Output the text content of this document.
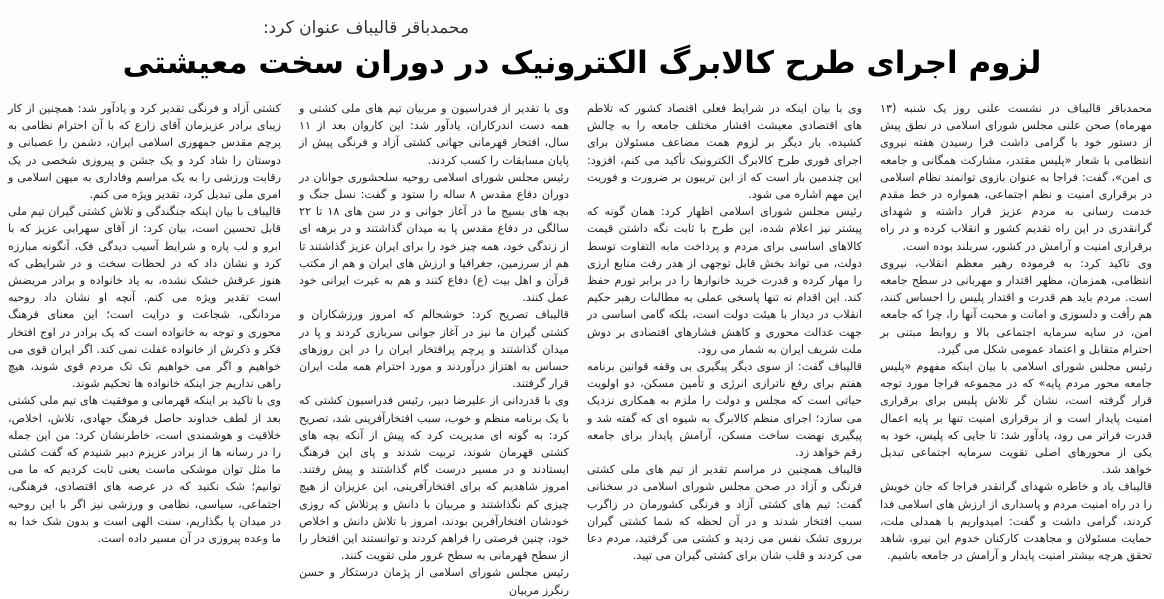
محمدباقر قالیباف عنوان کرد:
لزوم اجرای طرح کالابرگ الکترونیک در دوران سخت معیشتی

محمدباقر قالیباف در نشست علنی روز یک شنبه (۱۳ مهرماه) صحن علنی مجلس شورای اسلامی در نطق پیش از دستور خود با گرامی داشت فرا رسیدن هفته نیروی انتظامی با شعار «پلیس مقتدر، مشارکت همگانی و جامعه ی امن»، گفت: فراجا به عنوان بازوی توانمند نظام اسلامی در برقراری امنیت و نظم اجتماعی، همواره در خط مقدم خدمت رسانی به مردم عزیز قرار داشته و شهدای گرانقدری در این راه تقدیم کشور و انقلاب کرده و در راه برقراری امنیت و آرامش در کشور، سربلند بوده است.

وی تاکید کرد: به فرموده رهبر معظم انقلاب، نیروی انتظامی، همزمان، مظهر اقتدار و مهربانی در سطح جامعه است. مردم باید هم قدرت و اقتدار پلیس را احساس کنند، هم رأفت و دلسوزی و امانت و محبت آنها را، چرا که جامعه امن، در سایه سرمایه اجتماعی بالا و روابط مبتنی بر احترام متقابل و اعتماد عمومی شکل می گیرد.

رئیس مجلس شورای اسلامی با بیان اینکه مفهوم «پلیس جامعه محور مردم پایه» که در مجموعه فراجا مورد توجه قرار گرفته است، نشان گر تلاش پلیس برای برقراری امنیت پایدار است و از برقراری امنیت تنها بر پایه اعمال قدرت فراتر می رود، یادآور شد: تا جایی که پلیس، خود به یکی از محورهای اصلی تقویت سرمایه اجتماعی تبدیل خواهد شد.

قالیباف یاد و خاطره شهدای گرانقدر فراجا که جان خویش را در راه امنیت مردم و پاسداری از ارزش های اسلامی فدا کردند، گرامی داشت و گفت: امیدواریم با همدلی ملت، حمایت مسئولان و مجاهدت کارکنان خدوم این نیرو، شاهد تحقق هرچه بیشتر امنیت پایدار و آرامش در جامعه باشیم.

وی با بیان اینکه در شرایط فعلی اقتصاد کشور که تلاطم های اقتصادی معیشت اقشار مختلف جامعه را به چالش کشیده، بار دیگر بر لزوم همت مضاعف مسئولان برای اجرای فوری طرح کالابرگ الکترونیک تأکید می کنم، افزود: این چندمین بار است که از این تریبون بر ضرورت و فوریت این مهم اشاره می شود.

رئیس مجلس شورای اسلامی اظهار کرد: همان گونه که پیشتر نیز اعلام شده، این طرح با ثابت نگه داشتن قیمت کالاهای اساسی برای مردم و پرداخت مابه التفاوت توسط دولت، می تواند بخش قابل توجهی از هدر رفت منابع ارزی را مهار کرده و قدرت خرید خانوارها را در برابر تورم حفظ کند. این اقدام نه تنها پاسخی عملی به مطالبات رهبر حکیم انقلاب در دیدار با هیئت دولت است، بلکه گامی اساسی در جهت عدالت محوری و کاهش فشارهای اقتصادی بر دوش ملت شریف ایران به شمار می رود.

قالیباف گفت: از سوی دیگر پیگیری بی وقفه قوانین برنامه هفتم برای رفع ناترازی انرژی و تأمین مسکن، دو اولویت حیاتی است که مجلس و دولت را ملزم به همکاری نزدیک می سازد؛ اجرای منظم کالابرگ به شیوه ای که گفته شد و پیگیری نهضت ساخت مسکن، آرامش پایدار برای جامعه رقم خواهد زد.

قالیباف همچنین در مراسم تقدیر از تیم های ملی کشتی فرنگی و آزاد در صحن مجلس شورای اسلامی در سخنانی گفت: تیم های کشتی آزاد و فرنگی کشورمان در زاگرب سبب افتخار شدند و در آن لحظه که شما کشتی گیران برروی تشک نفس می زدید و کشتی می گرفتید، مردم دعا می کردند و قلب شان برای کشتی گیران می تپید.

وی با تقدیر از فدراسیون و مربیان تیم های ملی کشتی و همه دست اندرکاران، یادآور شد: این کاروان بعد از ۱۱ سال، افتخار قهرمانی جهانی کشتی آزاد و فرنگی پیش از پایان مسابقات را کسب کردند.

رئیس مجلس شورای اسلامی روحیه سلحشوری جوانان در دوران دفاع مقدس ۸ ساله را ستود و گفت: نسل جنگ و بچه های بسیج ما در آغاز جوانی و در سن های ۱۸ تا ۲۲ سالگی در دفاع مقدس پا به میدان گذاشتند و در برهه ای از زندگی خود، همه چیز خود را برای ایران عزیز گذاشتند تا هم از سرزمین، جغرافیا و ارزش های ایران و هم از مکتب قرآن و اهل بیت (ع) دفاع کنند و هم به غیرت ایرانی خود عمل کنند.

قالیباف تصریح کرد: خوشحالم که امروز ورزشکاران و کشتی گیران ما نیز در آغاز جوانی سربازی کردند و پا در میدان گذاشتند و پرچم پرافتخار ایران را در این روزهای حساس به اهتزاز درآوردند و مورد احترام همه ملت ایران قرار گرفتند.

وی با قدردانی از علیرضا دبیر، رئیس فدراسیون کشتی که با یک برنامه منظم و خوب، سبب افتخارآفرینی شد، تصریح کرد: به گونه ای مدیریت کرد که پیش از آنکه بچه های کشتی قهرمان شوند، تربیت شدند و پای این فرهنگ ایستادند و در مسیر درست گام گذاشتند و پیش رفتند. امروز شاهدیم که برای افتخارآفرینی، این عزیزان از هیچ چیزی کم نگذاشتند و مربیان با دانش و پرتلاش که روزی خودشان افتخارآفرین بودند، امروز با تلاش دانش و اخلاص خود، چنین فرصتی را فراهم کردند و توانستند این افتخار را از سطح قهرمانی به سطح غرور ملی تقویت کنند.

رئیس مجلس شورای اسلامی از پژمان درستکار و حسن رنگرز مربیان

کشتی آزاد و فرنگی تقدیر کرد و یادآور شد: همچنین از کار زیبای برادر عزیزمان آقای زارع که با آن احترام نظامی به پرچم مقدس جمهوری اسلامی ایران، دشمن را عصبانی و دوستان را شاد کرد و یک جشن و پیروزی شخصی در یک رقابت ورزشی را به یک مراسم وفاداری به میهن اسلامی و امری ملی تبدیل کرد، تقدیر ویژه می کنم.

قالیباف با بیان اینکه جنگندگی و تلاش کشتی گیران تیم ملی قابل تحسین است، بیان کرد: از آقای سهرابی عزیز که با ابرو و لب پاره و شرایط آسیب دیدگی فک، آنگونه مبارزه کرد و نشان داد که در لحظات سخت و در شرایطی که هنوز عرقش خشک نشده، به یاد خانواده و برادر مریضش است تقدیر ویژه می کنم. آنچه او نشان داد روحیه مردانگی، شجاعت و درایت است؛ این معنای فرهنگ محوری و توجه به خانواده است که یک برادر در اوج افتخار فکر و ذکرش از خانواده غفلت نمی کند. اگر ایران قوی می خواهیم و اگر می خواهیم تک تک مردم قوی شوند، هیچ راهی نداریم جز اینکه خانواده ها تحکیم شوند.

وی با تاکید بر اینکه قهرمانی و موفقیت های تیم ملی کشتی بعد از لطف خداوند حاصل فرهنگ جهادی، تلاش، اخلاص، خلاقیت و هوشمندی است، خاطرنشان کرد: من این جمله را در رسانه ها از برادر عزیزم دبیر شنیدم که گفت کشتی ما مثل توان موشکی ماست یعنی ثابت کردیم که ما می توانیم؛ شک نکنید که در عرصه های اقتصادی، فرهنگی، اجتماعی، سیاسی، نظامی و ورزشی نیز اگر با این روحیه در میدان پا بگذاریم، سنت الهی است و بدون شک خدا به ما وعده پیروزی در آن مسیر داده است.
